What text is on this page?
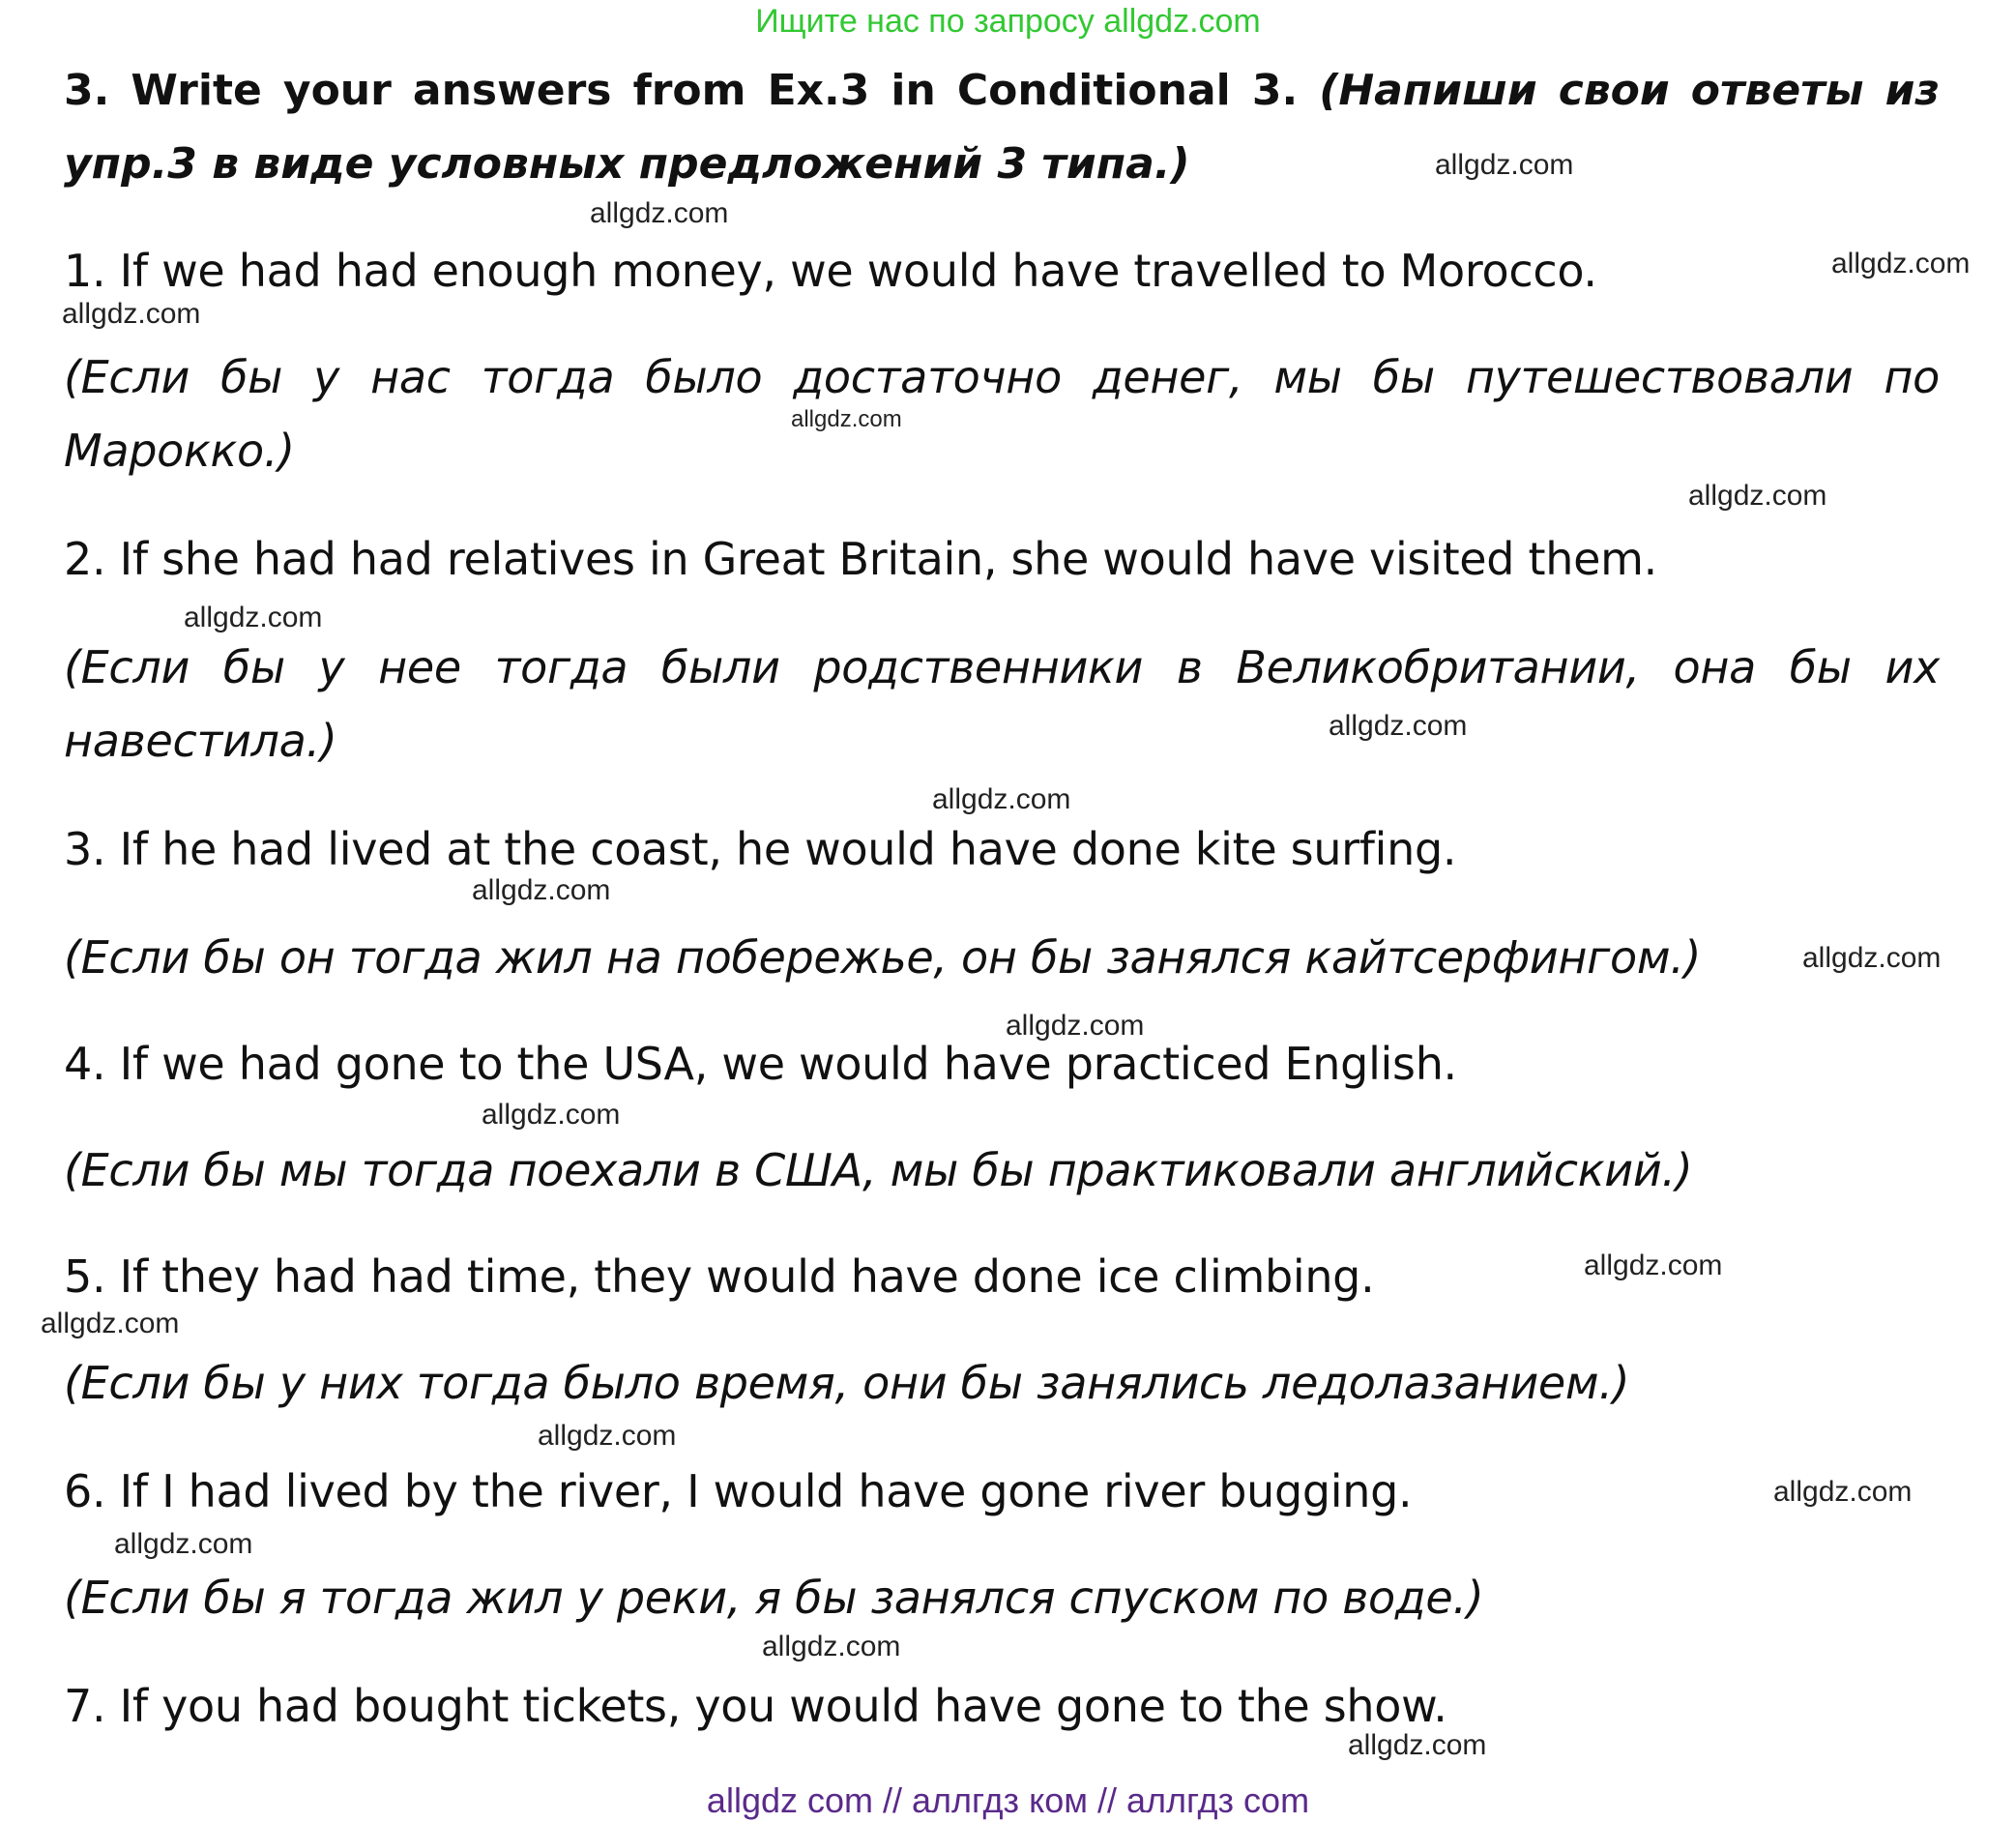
Ищите нас по запросу allgdz.com
3. Write your answers from Ex.3 in Conditional 3. (Напиши свои ответы из упр.3 в виде условных предложений 3 типа.)
1. If we had had enough money, we would have travelled to Morocco.
(Если бы у нас тогда было достаточно денег, мы бы путешествовали по Марокко.)
2. If she had had relatives in Great Britain, she would have visited them.
(Если бы у нее тогда были родственники в Великобритании, она бы их навестила.)
3. If he had lived at the coast, he would have done kite surfing.
(Если бы он тогда жил на побережье, он бы занялся кайтсерфингом.)
4. If we had gone to the USA, we would have practiced English.
(Если бы мы тогда поехали в США, мы бы практиковали английский.)
5. If they had had time, they would have done ice climbing.
(Если бы у них тогда было время, они бы занялись ледолазанием.)
6. If I had lived by the river, I would have gone river bugging.
(Если бы я тогда жил у реки, я бы занялся спуском по воде.)
7. If you had bought tickets, you would have gone to the show.
allgdz.com
allgdz.com
allgdz.com
allgdz.com
allgdz.com
allgdz.com
allgdz.com
allgdz.com
allgdz.com
allgdz.com
allgdz.com
allgdz.com
allgdz.com
allgdz.com
allgdz.com
allgdz.com
allgdz.com
allgdz.com
allgdz.com
allgdz.com
allgdz com // аллгдз ком // аллгдз com
